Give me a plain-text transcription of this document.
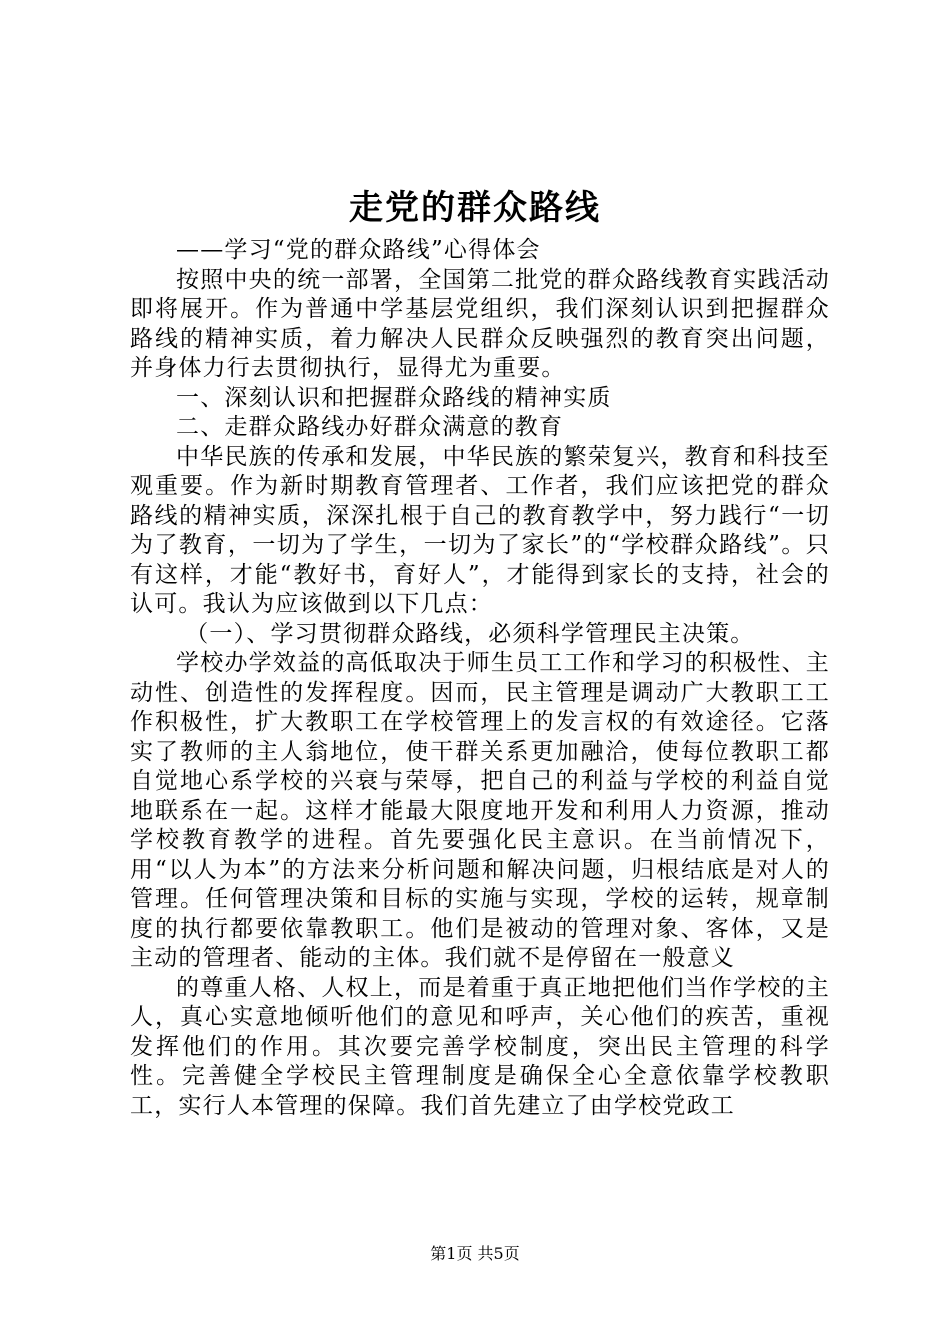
走党的群众路线

——学习“党的群众路线”心得体会

按照中央的统一部署，全国第二批党的群众路线教育实践活动即将展开。作为普通中学基层党组织，我们深刻认识到把握群众路线的精神实质，着力解决人民群众反映强烈的教育突出问题，并身体力行去贯彻执行，显得尤为重要。

一、深刻认识和把握群众路线的精神实质

二、走群众路线办好群众满意的教育

中华民族的传承和发展，中华民族的繁荣复兴，教育和科技至观重要。作为新时期教育管理者、工作者，我们应该把党的群众路线的精神实质，深深扎根于自己的教育教学中，努力践行“一切为了教育，一切为了学生，一切为了家长”的“学校群众路线”。只有这样，才能“教好书，育好人”，才能得到家长的支持，社会的认可。我认为应该做到以下几点：

（一）、学习贯彻群众路线，必须科学管理民主决策。

学校办学效益的高低取决于师生员工工作和学习的积极性、主动性、创造性的发挥程度。因而，民主管理是调动广大教职工工作积极性，扩大教职工在学校管理上的发言权的有效途径。它落实了教师的主人翁地位，使干群关系更加融洽，使每位教职工都自觉地心系学校的兴衰与荣辱，把自己的利益与学校的利益自觉地联系在一起。这样才能最大限度地开发和利用人力资源，推动学校教育教学的进程。首先要强化民主意识。在当前情况下，用“以人为本”的方法来分析问题和解决问题，归根结底是对人的管理。任何管理决策和目标的实施与实现，学校的运转，规章制度的执行都要依靠教职工。他们是被动的管理对象、客体，又是主动的管理者、能动的主体。我们就不是停留在一般意义

的尊重人格、人权上，而是着重于真正地把他们当作学校的主人，真心实意地倾听他们的意见和呼声，关心他们的疾苦，重视发挥他们的作用。其次要完善学校制度，突出民主管理的科学性。完善健全学校民主管理制度是确保全心全意依靠学校教职工，实行人本管理的保障。我们首先建立了由学校党政工

第1页 共5页
